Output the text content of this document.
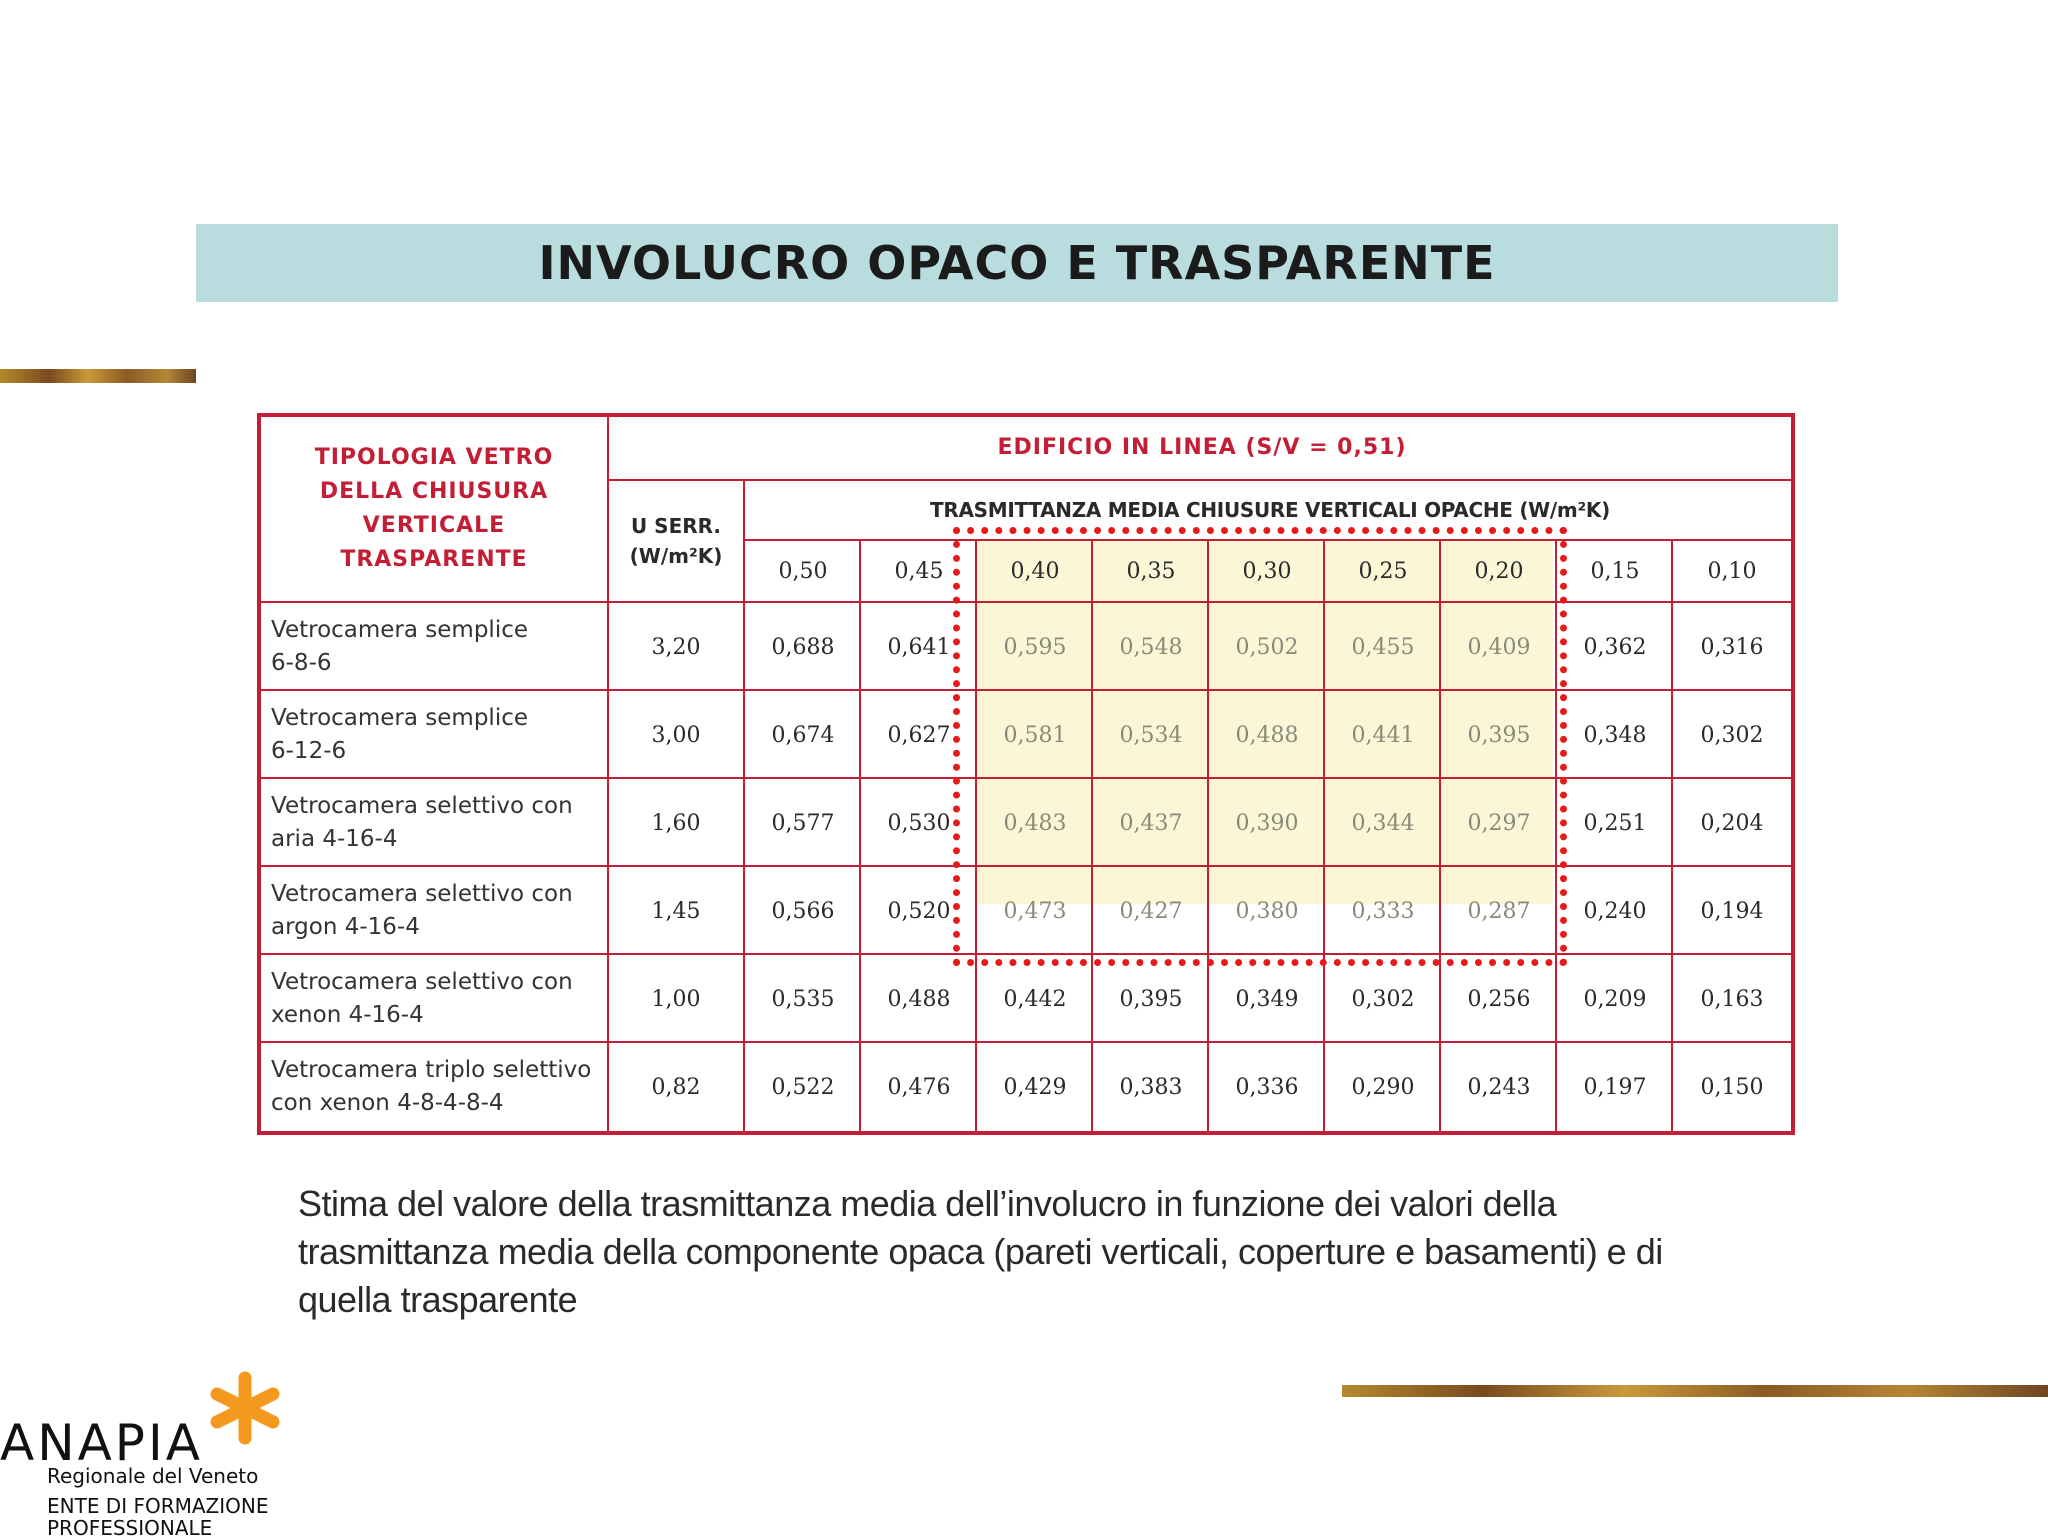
INVOLUCRO OPACO E TRASPARENTE
TIPOLOGIA VETRO DELLA CHIUSURA VERTICALE TRASPARENTE
EDIFICIO IN LINEA (S/V = 0,51)
U SERR. (W/m²K)
TRASMITTANZA MEDIA CHIUSURE VERTICALI OPACHE (W/m²K)
0,50	0,45	0,40	0,35	0,30	0,25	0,20	0,15	0,10
Vetrocamera semplice
6-8-6
3,20	0,688	0,641	0,595	0,548	0,502	0,455	0,409	0,362	0,316
Vetrocamera semplice
6-12-6
3,00	0,674	0,627	0,581	0,534	0,488	0,441	0,395	0,348	0,302
Vetrocamera selettivo con
aria 4-16-4
1,60	0,577	0,530	0,483	0,437	0,390	0,344	0,297	0,251	0,204
Vetrocamera selettivo con
argon 4-16-4
1,45	0,566	0,520	0,473	0,427	0,380	0,333	0,287	0,240	0,194
Vetrocamera selettivo con
xenon 4-16-4
1,00	0,535	0,488	0,442	0,395	0,349	0,302	0,256	0,209	0,163
Vetrocamera triplo selettivo
con xenon 4-8-4-8-4
0,82	0,522	0,476	0,429	0,383	0,336	0,290	0,243	0,197	0,150
Stima del valore della trasmittanza media dell’involucro in funzione dei valori della trasmittanza media della componente opaca (pareti verticali, coperture e basamenti) e di quella trasparente
ANAPIA
Regionale del Veneto
ENTE DI FORMAZIONE PROFESSIONALE
